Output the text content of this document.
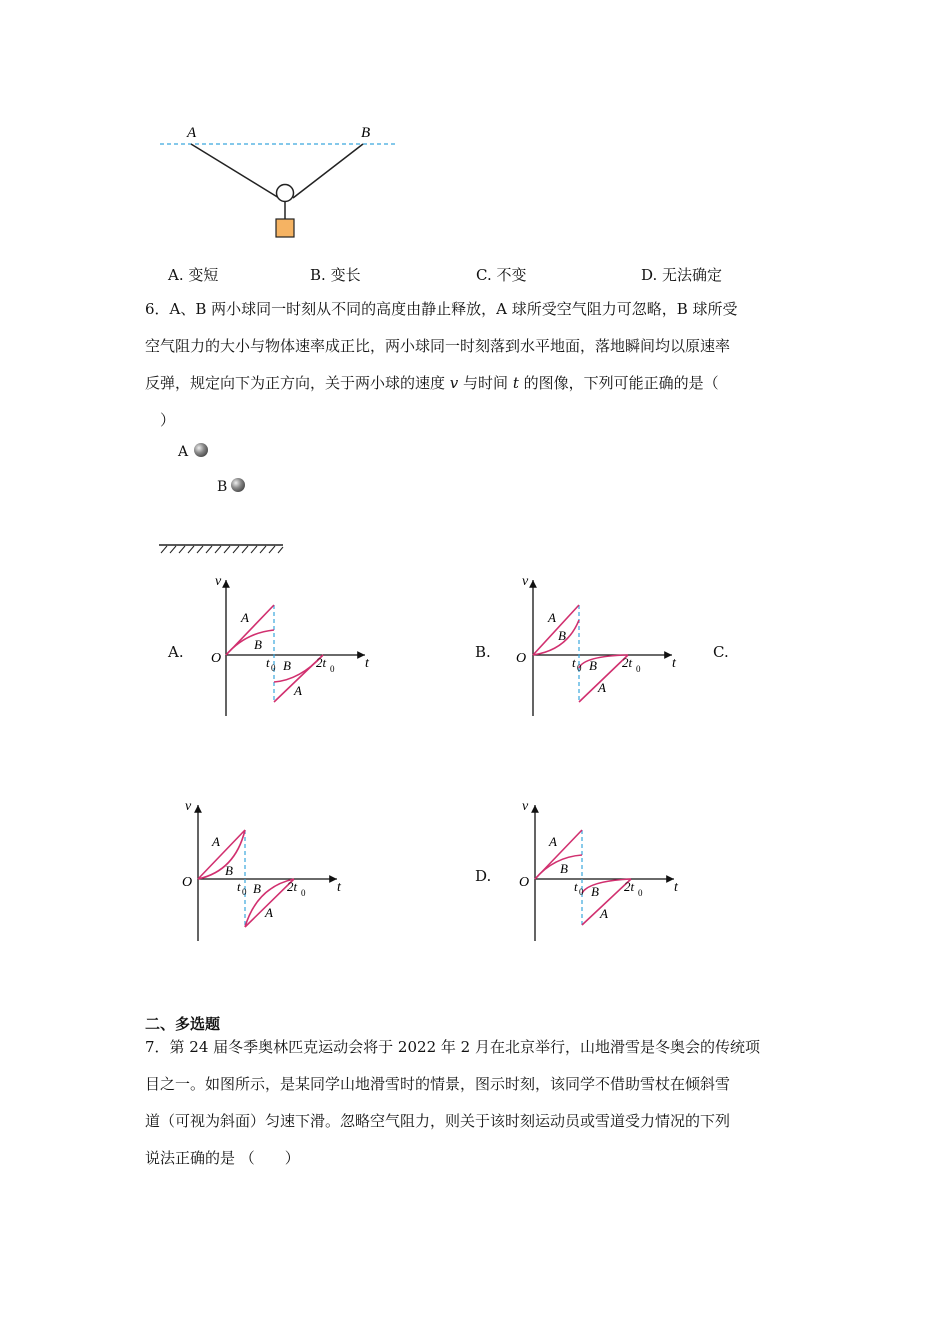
A	B
A. 变短	B. 变长	C. 不变	D. 无法确定
6．A、B 两小球同一时刻从不同的高度由静止释放，A 球所受空气阻力可忽略，B 球所受
空气阻力的大小与物体速率成正比，两小球同一时刻落到水平地面，落地瞬间均以原速率
反弹，规定向下为正方向，关于两小球的速度 v 与时间 t 的图像，下列可能正确的是（
）
A
B
A.	B.	C.
D.
v
t
O
A
B
t 0 B 2t 0
A
v
t
O
A
B
t 0 B 2t 0
A
v
t
O
A
B
t 0 B 2t 0
A
v
t
O
A
B
t 0 B 2t 0
A
二、多选题
7．第 24 届冬季奥林匹克运动会将于 2022 年 2 月在北京举行，山地滑雪是冬奥会的传统项
目之一。如图所示，是某同学山地滑雪时的情景，图示时刻，该同学不借助雪杖在倾斜雪
道（可视为斜面）匀速下滑。忽略空气阻力，则关于该时刻运动员或雪道受力情况的下列
说法正确的是 （　　）
